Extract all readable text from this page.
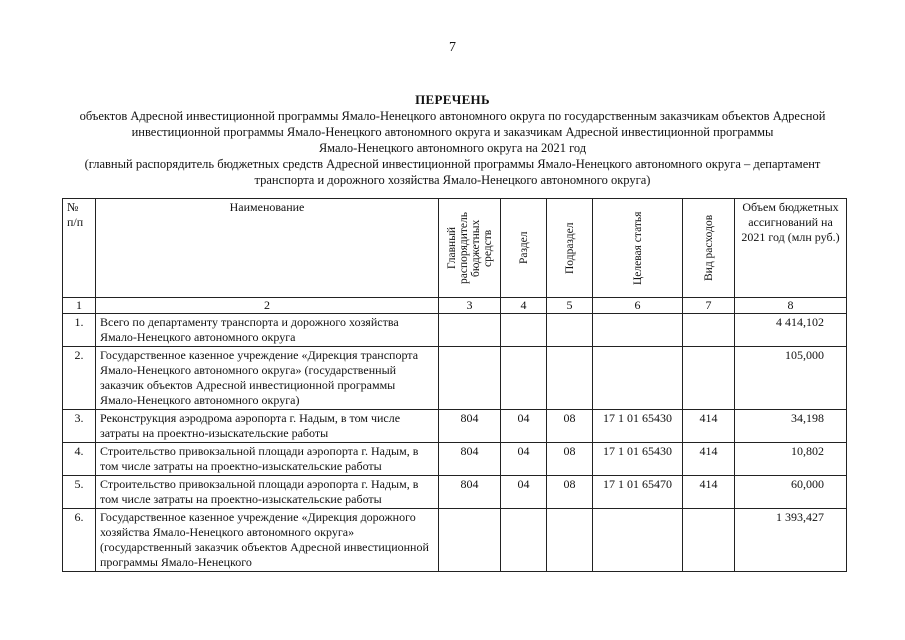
7
ПЕРЕЧЕНЬ
объектов Адресной инвестиционной программы Ямало-Ненецкого автономного округа по государственным заказчикам объектов Адресной
инвестиционной программы Ямало-Ненецкого автономного округа и заказчикам Адресной инвестиционной программы
Ямало-Ненецкого автономного округа на 2021 год
(главный распорядитель бюджетных средств Адресной инвестиционной программы Ямало-Ненецкого автономного округа – департамент
транспорта и дорожного хозяйства Ямало-Ненецкого автономного округа)
№ п/п	Наименование	Главный распорядитель бюджетных средств	Раздел	Подраздел	Целевая статья	Вид расходов	Объем бюджетных ассигнований на 2021 год (млн руб.)
1	2	3	4	5	6	7	8
1.	Всего по департаменту транспорта и дорожного хозяйства Ямало-Ненецкого автономного округа						4 414,102
2.	Государственное казенное учреждение «Дирекция транспорта Ямало-Ненецкого автономного округа» (государственный заказчик объектов Адресной инвестиционной программы Ямало-Ненецкого автономного округа)						105,000
3.	Реконструкция аэродрома аэропорта г. Надым, в том числе затраты на проектно-изыскательские работы	804	04	08	17 1 01 65430	414	34,198
4.	Строительство привокзальной площади аэропорта г. Надым, в том числе затраты на проектно-изыскательские работы	804	04	08	17 1 01 65430	414	10,802
5.	Строительство привокзальной площади аэропорта г. Надым, в том числе затраты на проектно-изыскательские работы	804	04	08	17 1 01 65470	414	60,000
6.	Государственное казенное учреждение «Дирекция дорожного хозяйства Ямало-Ненецкого автономного округа» (государственный заказчик объектов Адресной инвестиционной программы Ямало-Ненецкого						1 393,427
